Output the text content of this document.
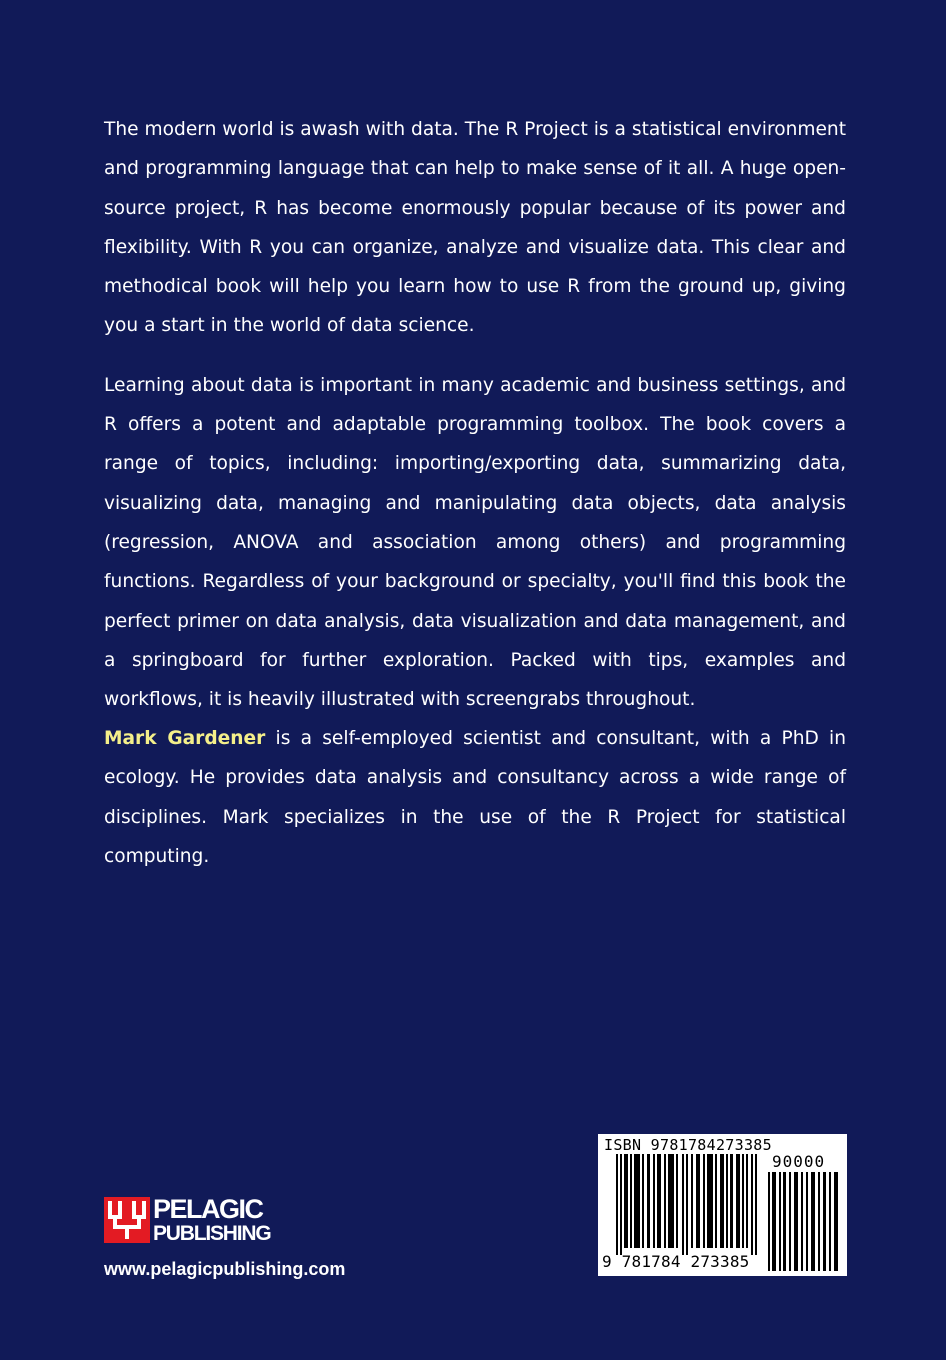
The modern world is awash with data. The R Project is a statistical environment and programming language that can help to make sense of it all. A huge open-source project, R has become enormously popular because of its power and flexibility. With R you can organize, analyze and visualize data. This clear and methodical book will help you learn how to use R from the ground up, giving you a start in the world of data science.

Learning about data is important in many academic and business settings, and R offers a potent and adaptable programming toolbox. The book covers a range of topics, including: importing/exporting data, summarizing data, visualizing data, managing and manipulating data objects, data analysis (regression, ANOVA and association among others) and programming functions. Regardless of your background or specialty, you'll find this book the perfect primer on data analysis, data visualization and data management, and a springboard for further exploration. Packed with tips, examples and workflows, it is heavily illustrated with screengrabs throughout.

Mark Gardener is a self-employed scientist and consultant, with a PhD in ecology. He provides data analysis and consultancy across a wide range of disciplines. Mark specializes in the use of the R Project for statistical computing.

PELAGIC
PUBLISHING
www.pelagicpublishing.com
ISBN 9781784273385
90000
9 781784 273385
